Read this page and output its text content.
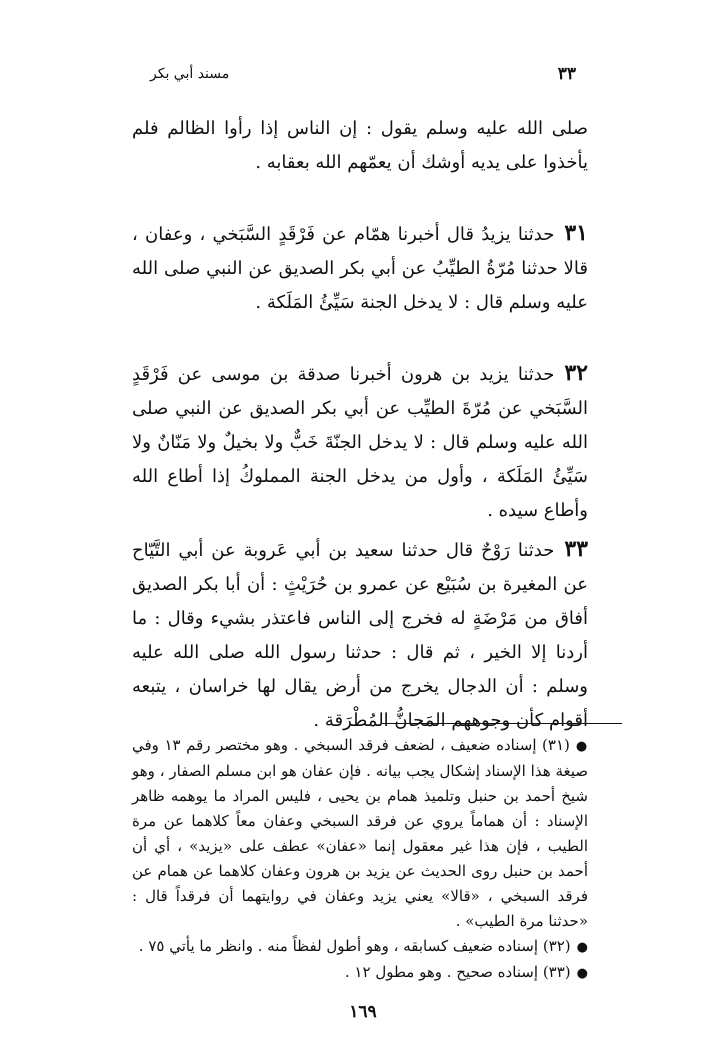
٣٣
مسند أبي بكر

صلى الله عليه وسلم يقول : إن الناس إذا رأوا الظالم فلم يأخذوا على يديه أوشك أن يعمّهم الله بعقابه .

٣١حدثنا يزيدُ قال أخبرنا همّام عن فَرْقَدٍ السَّبَخي ، وعفان ، قالا حدثنا مُرّةُ الطيِّبُ عن أبي بكر الصديق عن النبي صلى الله عليه وسلم قال : لا يدخل الجنة سَيِّئُ المَلَكة .

٣٢حدثنا يزيد بن هرون أخبرنا صدقة بن موسى عن فَرْقَدٍ السَّبَخي عن مُرّةَ الطيِّب عن أبي بكر الصديق عن النبي صلى الله عليه وسلم قال : لا يدخل الجنّةَ خَبٌّ ولا بخيلٌ ولا مَنّانٌ ولا سَيِّئُ المَلَكة ، وأول من يدخل الجنة المملوكُ إذا أطاع الله وأطاع سيده .

٣٣حدثنا رَوْحٌ قال حدثنا سعيد بن أبي عَروبة عن أبي التَّيّاح عن المغيرة بن سُبَيْع عن عمرو بن حُرَيْثٍ : أن أبا بكر الصديق أفاق من مَرْضَةٍ له فخرج إلى الناس فاعتذر بشيء وقال : ما أردنا إلا الخير ، ثم قال : حدثنا رسول الله صلى الله عليه وسلم : أن الدجال يخرج من أرض يقال لها خراسان ، يتبعه أقوام كأن وجوههم المَجانُّ المُطْرَقة .

●(٣١) إسناده ضعيف ، لضعف فرقد السبخي . وهو مختصر رقم ١٣ وفي صيغة هذا الإسناد إشكال يجب بيانه . فإن عفان هو ابن مسلم الصفار ، وهو شيخ أحمد بن حنبل وتلميذ همام بن يحيى ، فليس المراد ما يوهمه ظاهر الإسناد : أن هماماً يروي عن فرقد السبخي وعفان معاً كلاهما عن مرة الطيب ، فإن هذا غير معقول إنما «عفان» عطف على «يزيد» ، أي أن أحمد بن حنبل روى الحديث عن يزيد بن هرون وعفان كلاهما عن همام عن فرقد السبخي ، «قالا» يعني يزيد وعفان في روايتهما أن فرقداً قال : «حدثنا مرة الطيب» .

●(٣٢) إسناده ضعيف كسابقه ، وهو أطول لفظاً منه . وانظر ما يأتي ٧٥ .

●(٣٣) إسناده صحيح . وهو مطول ١٢ .

١٦٩
